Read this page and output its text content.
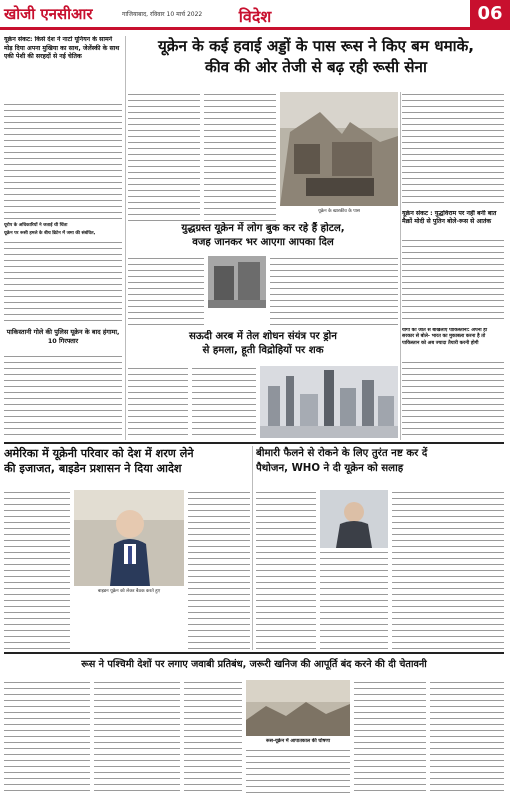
विदेश
खोजी एनसीआर	गाजियाबाद, रविवार 10 मार्च 2022	06
यूक्रेन संकट: किसे देश ने नाटो यूनियन के सामने मोड़ दिया अपना मुखिया का साथ, जेलेंस्की के साथ एकी पेशी की सरहदों से नई चेतिक
यूरोप के अधिकारियों ने जताई थी चिंता
यूक्रेन पर रूसी हमले के बीच ब्रिटेन में जमा की संबंधित,
यूक्रेन के कई हवाई अड्डों के पास रूस ने किए बम धमाके,
कीव की ओर तेजी से बढ़ रही रूसी सेना
यूक्रेन के खारकीव के पास	यूक्रेन संकट : युद्धविराम पर नहीं बनी बात मैक्रों मोदी से पुतिन बोले-रूस से आतंक
युद्धग्रस्त यूक्रेन में लोग बुक कर रहे हैं होटल,
वजह जानकर भर आएगा आपका दिल
सऊदी अरब में तेल शोधन संयंत्र पर ड्रोन
से हमला, हूती विद्रोहियों पर शक
पाकिस्तानी गोले की पुलिस यूक्रेन के बाद हंगामा, 10 गिरफ्तार
योगी की जीत से बौखलाए पाकिस्तानी: अपनी ही
सरकार से बोले- भारत का मुकाबला करना है तो
पाकिस्तान को अब ज्यादा तैयारी करनी होगी
अमेरिका में यूक्रेनी परिवार को देश में शरण लेने
की इजाजत, बाइडेन प्रशासन ने दिया आदेश
बाइडन यूक्रेन को लेकर बैठक करते हुए
बीमारी फैलने से रोकने के लिए तुरंत नष्ट कर दें
पैथोजन, WHO ने दी यूक्रेन को सलाह
रूस ने पश्चिमी देशों पर लगाए जवाबी प्रतिबंध, जरूरी खनिज की आपूर्ति बंद करने की दी चेतावनी
रूस-यूक्रेन में आपातकाल की घोषणा
